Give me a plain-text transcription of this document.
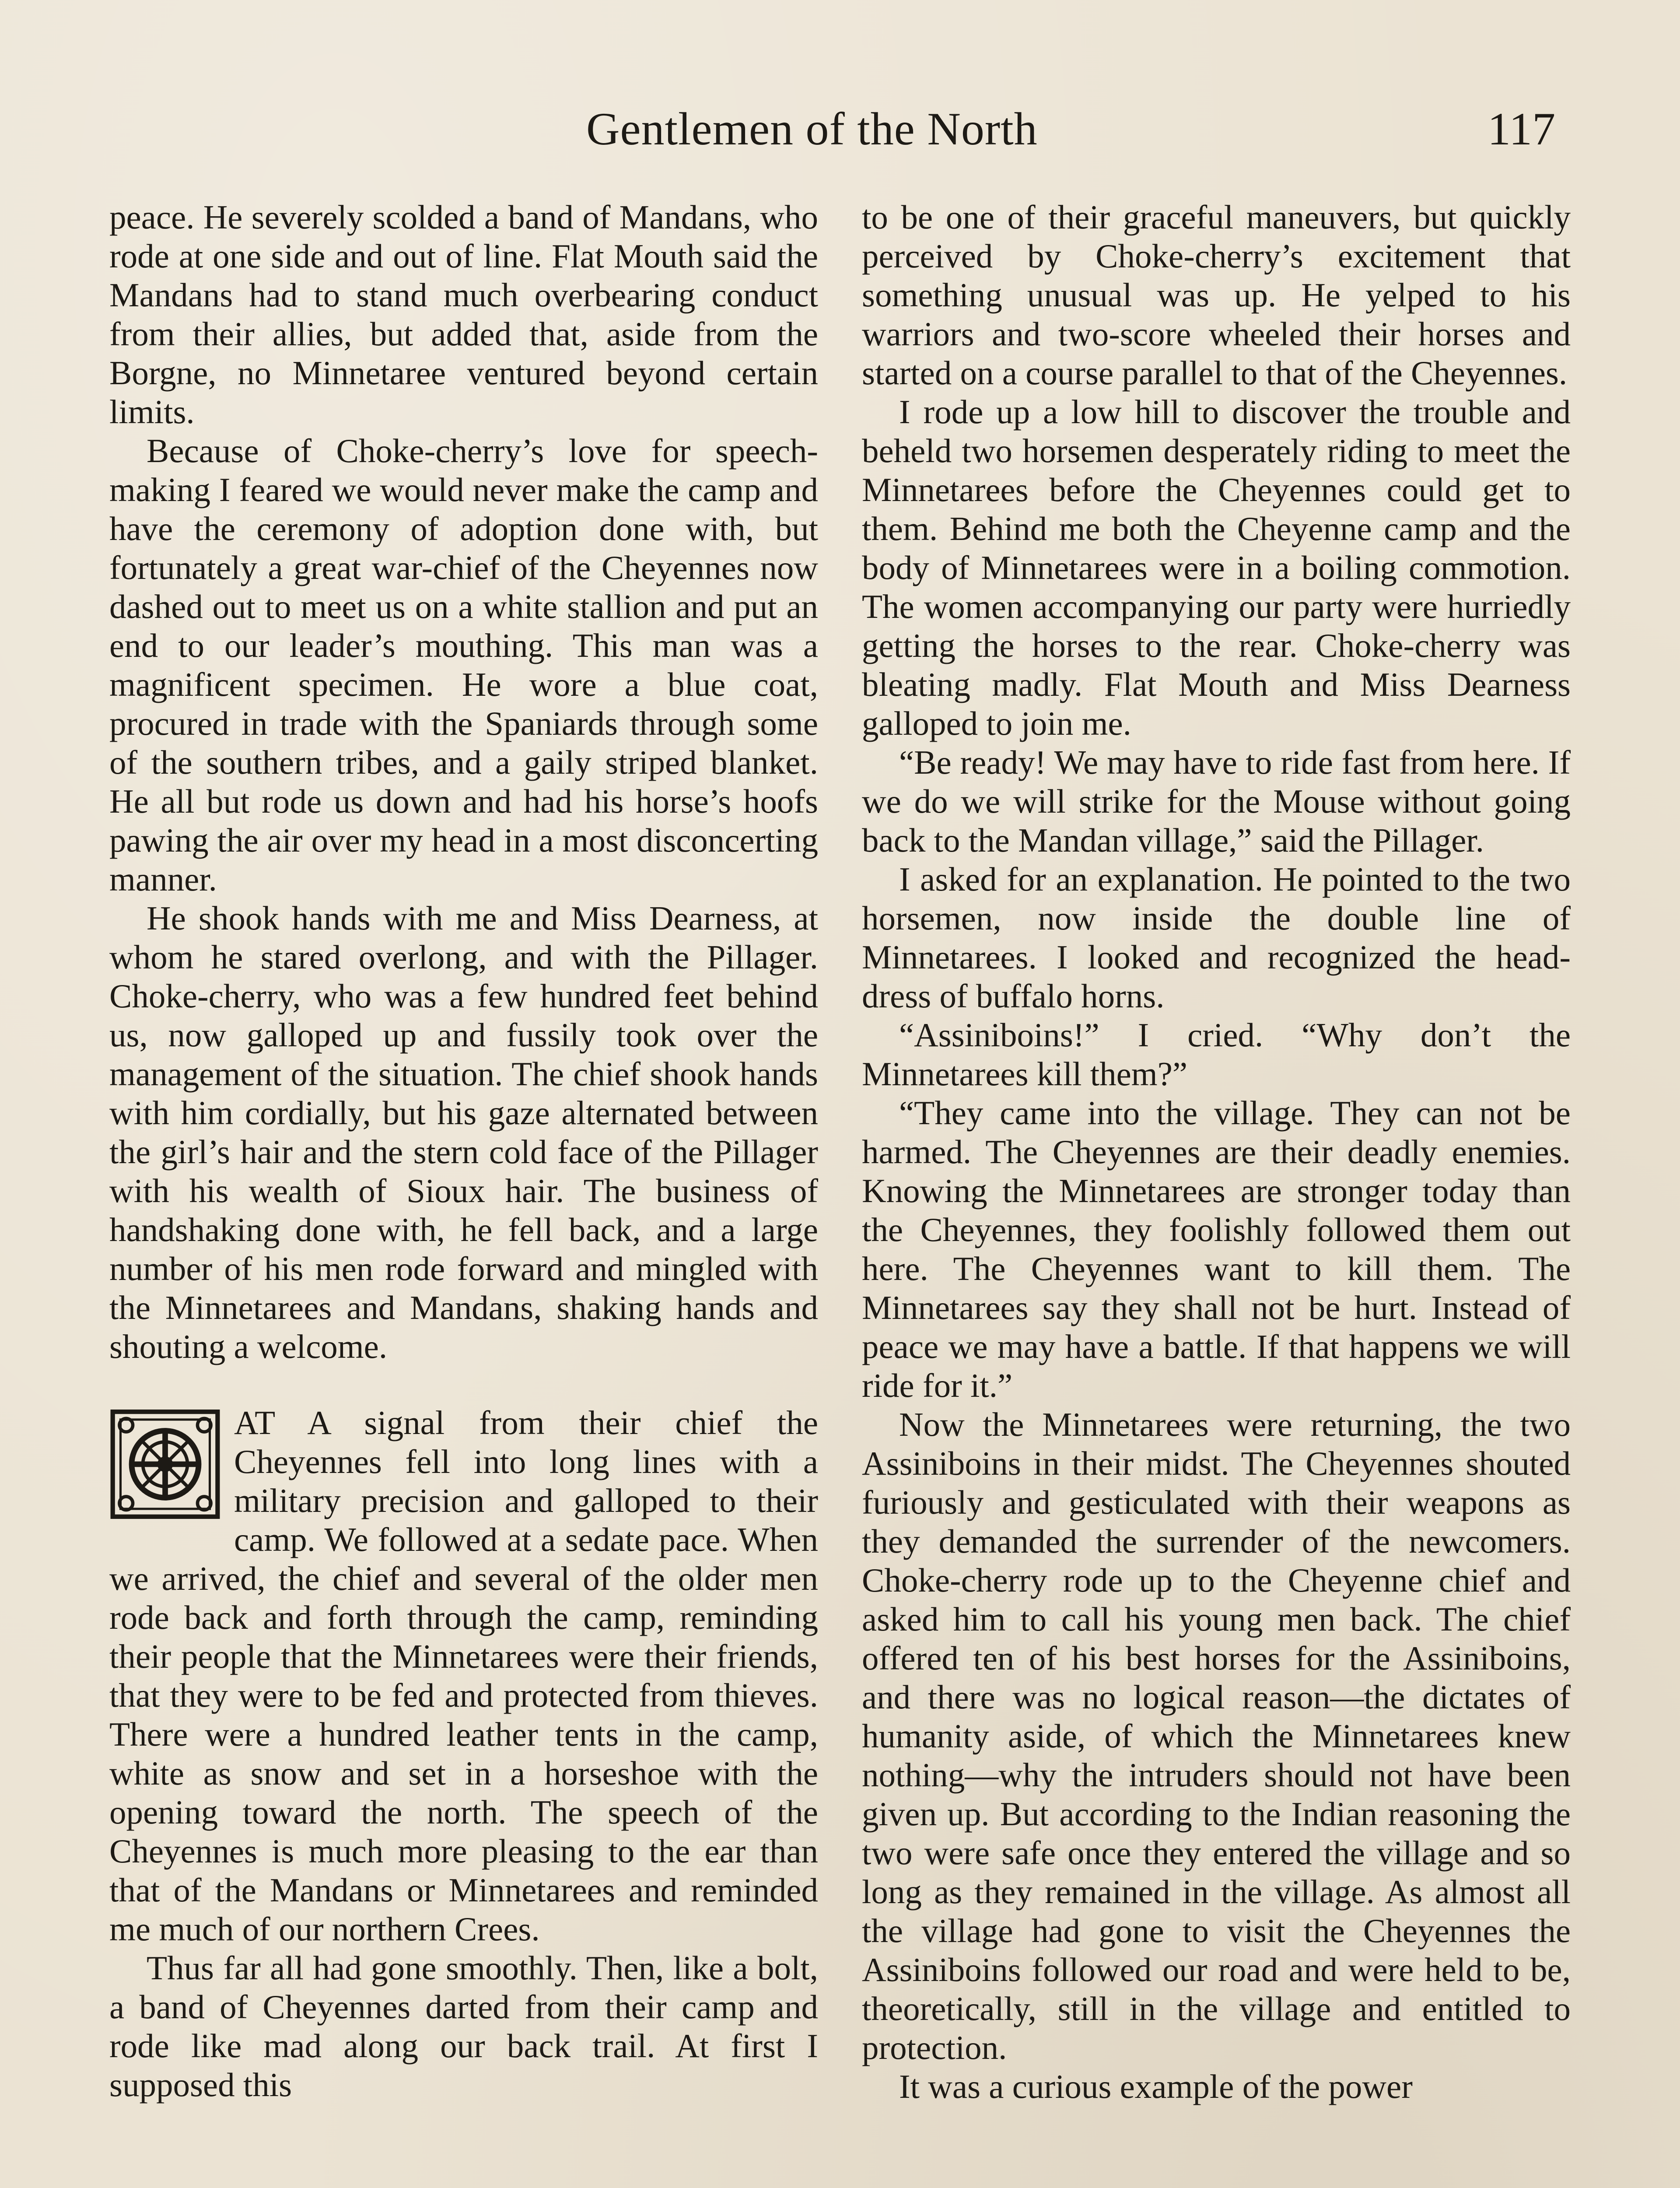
Gentlemen of the North	117

peace. He severely scolded a band of Mandans, who rode at one side and out of line. Flat Mouth said the Mandans had to stand much overbearing conduct from their allies, but added that, aside from the Borgne, no Minnetaree ventured beyond certain limits.

Because of Choke-cherry’s love for speech-making I feared we would never make the camp and have the ceremony of adoption done with, but fortunately a great war-chief of the Cheyennes now dashed out to meet us on a white stallion and put an end to our leader’s mouthing. This man was a magnificent specimen. He wore a blue coat, procured in trade with the Spaniards through some of the southern tribes, and a gaily striped blanket. He all but rode us down and had his horse’s hoofs pawing the air over my head in a most disconcerting manner.

He shook hands with me and Miss Dearness, at whom he stared overlong, and with the Pillager. Choke-cherry, who was a few hundred feet behind us, now galloped up and fussily took over the management of the situation. The chief shook hands with him cordially, but his gaze alternated between the girl’s hair and the stern cold face of the Pillager with his wealth of Sioux hair. The business of handshaking done with, he fell back, and a large number of his men rode forward and mingled with the Minnetarees and Mandans, shaking hands and shouting a welcome.

AT A signal from their chief the Cheyennes fell into long lines with a military precision and galloped to their camp. We followed at a sedate pace. When we arrived, the chief and several of the older men rode back and forth through the camp, reminding their people that the Minnetarees were their friends, that they were to be fed and protected from thieves. There were a hundred leather tents in the camp, white as snow and set in a horseshoe with the opening toward the north. The speech of the Cheyennes is much more pleasing to the ear than that of the Mandans or Minnetarees and reminded me much of our northern Crees.

Thus far all had gone smoothly. Then, like a bolt, a band of Cheyennes darted from their camp and rode like mad along our back trail. At first I supposed this

to be one of their graceful maneuvers, but quickly perceived by Choke-cherry’s excitement that something unusual was up. He yelped to his warriors and two-score wheeled their horses and started on a course parallel to that of the Cheyennes.

I rode up a low hill to discover the trouble and beheld two horsemen desperately riding to meet the Minnetarees before the Cheyennes could get to them. Behind me both the Cheyenne camp and the body of Minnetarees were in a boiling commotion. The women accompanying our party were hurriedly getting the horses to the rear. Choke-cherry was bleating madly. Flat Mouth and Miss Dearness galloped to join me.

“Be ready! We may have to ride fast from here. If we do we will strike for the Mouse without going back to the Mandan village,” said the Pillager.

I asked for an explanation. He pointed to the two horsemen, now inside the double line of Minnetarees. I looked and recognized the head-dress of buffalo horns.

“Assiniboins!” I cried. “Why don’t the Minnetarees kill them?”

“They came into the village. They can not be harmed. The Cheyennes are their deadly enemies. Knowing the Minnetarees are stronger today than the Cheyennes, they foolishly followed them out here. The Cheyennes want to kill them. The Minnetarees say they shall not be hurt. Instead of peace we may have a battle. If that happens we will ride for it.”

Now the Minnetarees were returning, the two Assiniboins in their midst. The Cheyennes shouted furiously and gesticulated with their weapons as they demanded the surrender of the newcomers. Choke-cherry rode up to the Cheyenne chief and asked him to call his young men back. The chief offered ten of his best horses for the Assiniboins, and there was no logical reason—the dictates of humanity aside, of which the Minnetarees knew nothing—why the intruders should not have been given up. But according to the Indian reasoning the two were safe once they entered the village and so long as they remained in the village. As almost all the village had gone to visit the Cheyennes the Assiniboins followed our road and were held to be, theoretically, still in the village and entitled to protection.

It was a curious example of the power
